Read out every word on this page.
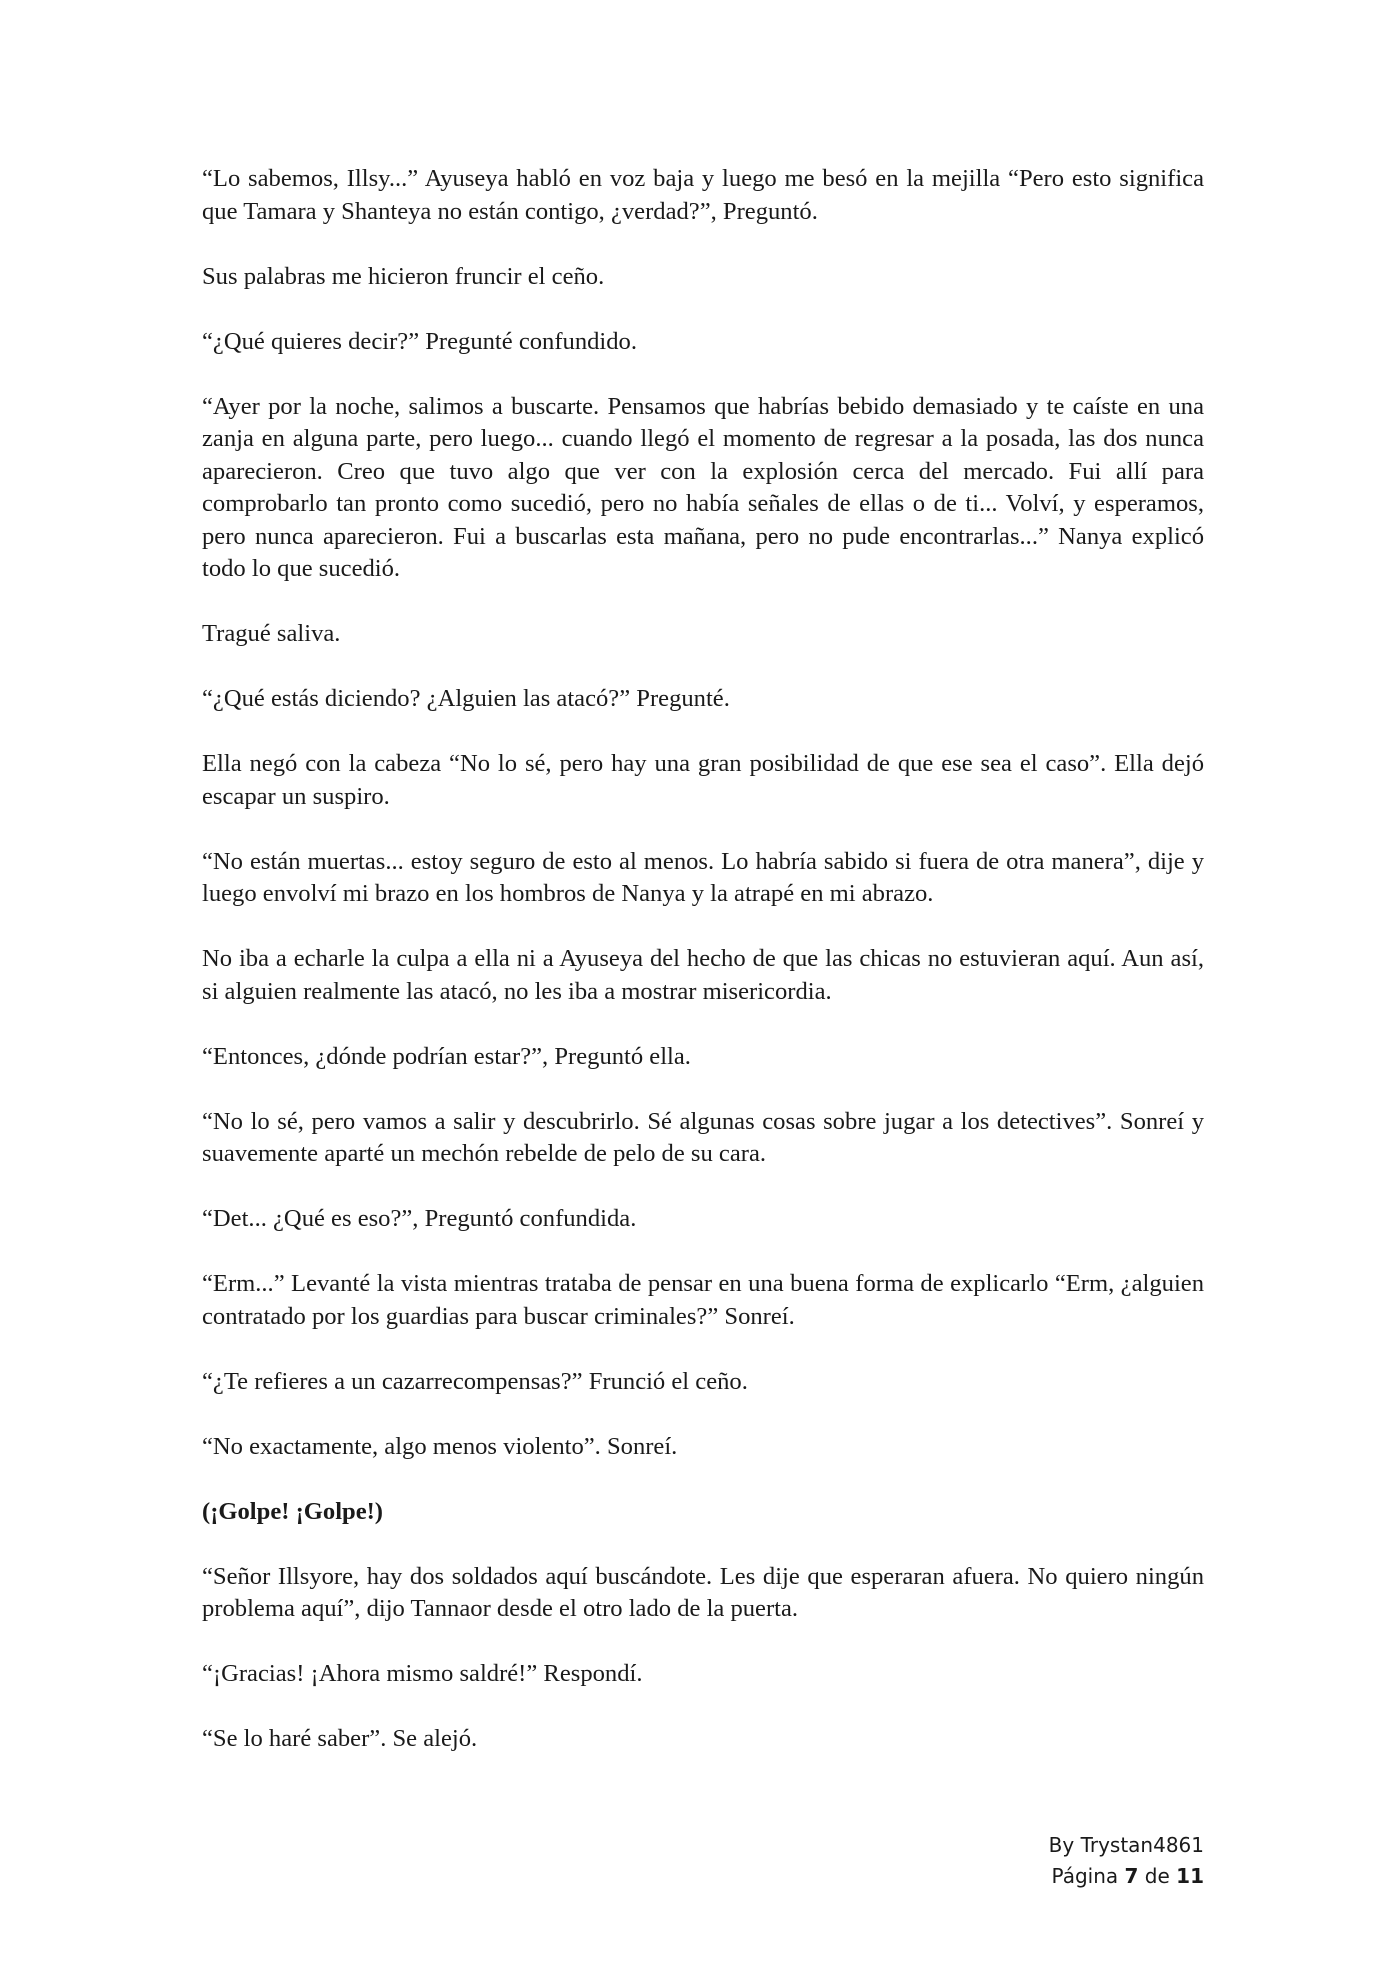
“Lo sabemos, Illsy...” Ayuseya habló en voz baja y luego me besó en la mejilla “Pero esto significa que Tamara y Shanteya no están contigo, ¿verdad?”, Preguntó.

Sus palabras me hicieron fruncir el ceño.

“¿Qué quieres decir?” Pregunté confundido.

“Ayer por la noche, salimos a buscarte. Pensamos que habrías bebido demasiado y te caíste en una zanja en alguna parte, pero luego... cuando llegó el momento de regresar a la posada, las dos nunca aparecieron. Creo que tuvo algo que ver con la explosión cerca del mercado. Fui allí para comprobarlo tan pronto como sucedió, pero no había señales de ellas o de ti... Volví, y esperamos, pero nunca aparecieron. Fui a buscarlas esta mañana, pero no pude encontrarlas...” Nanya explicó todo lo que sucedió.

Tragué saliva.

“¿Qué estás diciendo? ¿Alguien las atacó?” Pregunté.

Ella negó con la cabeza “No lo sé, pero hay una gran posibilidad de que ese sea el caso”. Ella dejó escapar un suspiro.

“No están muertas... estoy seguro de esto al menos. Lo habría sabido si fuera de otra manera”, dije y luego envolví mi brazo en los hombros de Nanya y la atrapé en mi abrazo.

No iba a echarle la culpa a ella ni a Ayuseya del hecho de que las chicas no estuvieran aquí. Aun así, si alguien realmente las atacó, no les iba a mostrar misericordia.

“Entonces, ¿dónde podrían estar?”, Preguntó ella.

“No lo sé, pero vamos a salir y descubrirlo. Sé algunas cosas sobre jugar a los detectives”. Sonreí y suavemente aparté un mechón rebelde de pelo de su cara.

“Det... ¿Qué es eso?”, Preguntó confundida.

“Erm...” Levanté la vista mientras trataba de pensar en una buena forma de explicarlo “Erm, ¿alguien contratado por los guardias para buscar criminales?” Sonreí.

“¿Te refieres a un cazarrecompensas?” Frunció el ceño.

“No exactamente, algo menos violento”. Sonreí.

(¡Golpe! ¡Golpe!)

“Señor Illsyore, hay dos soldados aquí buscándote. Les dije que esperaran afuera. No quiero ningún problema aquí”, dijo Tannaor desde el otro lado de la puerta.

“¡Gracias! ¡Ahora mismo saldré!” Respondí.

“Se lo haré saber”. Se alejó.

By Trystan4861
Página 7 de 11
